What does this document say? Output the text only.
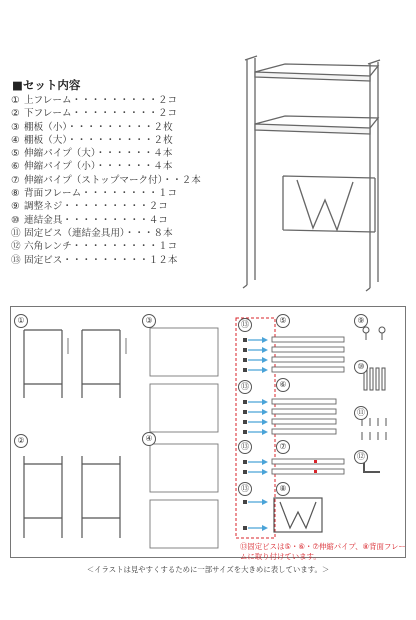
■セット内容
① 上フレーム・・・・・・・・・２コ
② 下フレーム・・・・・・・・・２コ
③ 棚板（小）・・・・・・・・・２枚
④ 棚板（大）・・・・・・・・・２枚
⑤ 伸縮パイプ（大）・・・・・・４本
⑥ 伸縮パイプ（小）・・・・・・４本
⑦ 伸縮パイプ（ストップマーク付）・・２本
⑧ 背面フレーム・・・・・・・・１コ
⑨ 調整ネジ・・・・・・・・・２コ
⑩ 連結金具・・・・・・・・・４コ
⑪ 固定ビス（連結金具用）・・・８本
⑫ 六角レンチ・・・・・・・・・１コ
⑬ 固定ビス・・・・・・・・・１２本
①
②
③
④
⑤
⑥
⑦
⑧
⑨
⑩
⑪
⑫
⑬
⑬
⑬
⑬
⑬固定ビスは⑤・⑥・⑦伸縮パイプ、⑧背面フレームに取り付けています。
＜イラストは見やすくするために一部サイズを大きめに表しています。＞
